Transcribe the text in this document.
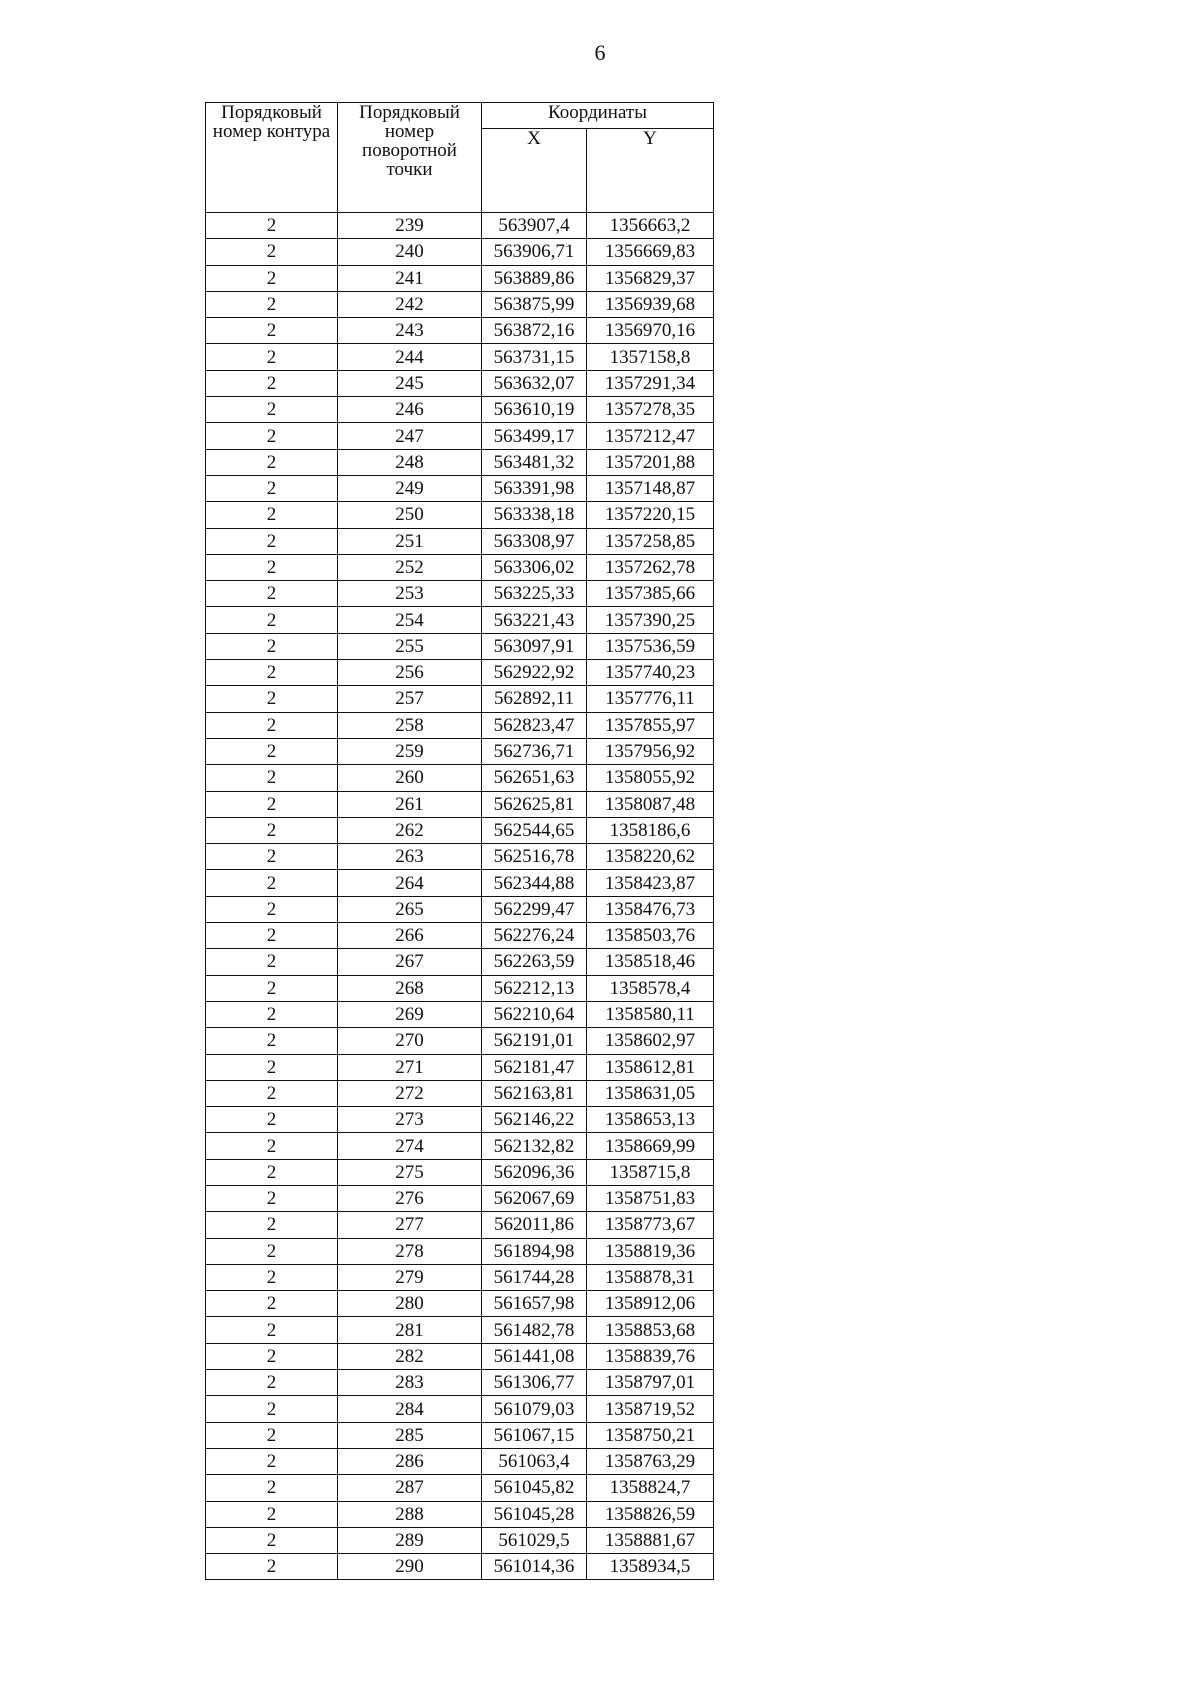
6
Порядковый номер контура	Порядковый номер поворотной точки	Координаты	
		X	Y
2	239	563907,4	1356663,2
2	240	563906,71	1356669,83
2	241	563889,86	1356829,37
2	242	563875,99	1356939,68
2	243	563872,16	1356970,16
2	244	563731,15	1357158,8
2	245	563632,07	1357291,34
2	246	563610,19	1357278,35
2	247	563499,17	1357212,47
2	248	563481,32	1357201,88
2	249	563391,98	1357148,87
2	250	563338,18	1357220,15
2	251	563308,97	1357258,85
2	252	563306,02	1357262,78
2	253	563225,33	1357385,66
2	254	563221,43	1357390,25
2	255	563097,91	1357536,59
2	256	562922,92	1357740,23
2	257	562892,11	1357776,11
2	258	562823,47	1357855,97
2	259	562736,71	1357956,92
2	260	562651,63	1358055,92
2	261	562625,81	1358087,48
2	262	562544,65	1358186,6
2	263	562516,78	1358220,62
2	264	562344,88	1358423,87
2	265	562299,47	1358476,73
2	266	562276,24	1358503,76
2	267	562263,59	1358518,46
2	268	562212,13	1358578,4
2	269	562210,64	1358580,11
2	270	562191,01	1358602,97
2	271	562181,47	1358612,81
2	272	562163,81	1358631,05
2	273	562146,22	1358653,13
2	274	562132,82	1358669,99
2	275	562096,36	1358715,8
2	276	562067,69	1358751,83
2	277	562011,86	1358773,67
2	278	561894,98	1358819,36
2	279	561744,28	1358878,31
2	280	561657,98	1358912,06
2	281	561482,78	1358853,68
2	282	561441,08	1358839,76
2	283	561306,77	1358797,01
2	284	561079,03	1358719,52
2	285	561067,15	1358750,21
2	286	561063,4	1358763,29
2	287	561045,82	1358824,7
2	288	561045,28	1358826,59
2	289	561029,5	1358881,67
2	290	561014,36	1358934,5
